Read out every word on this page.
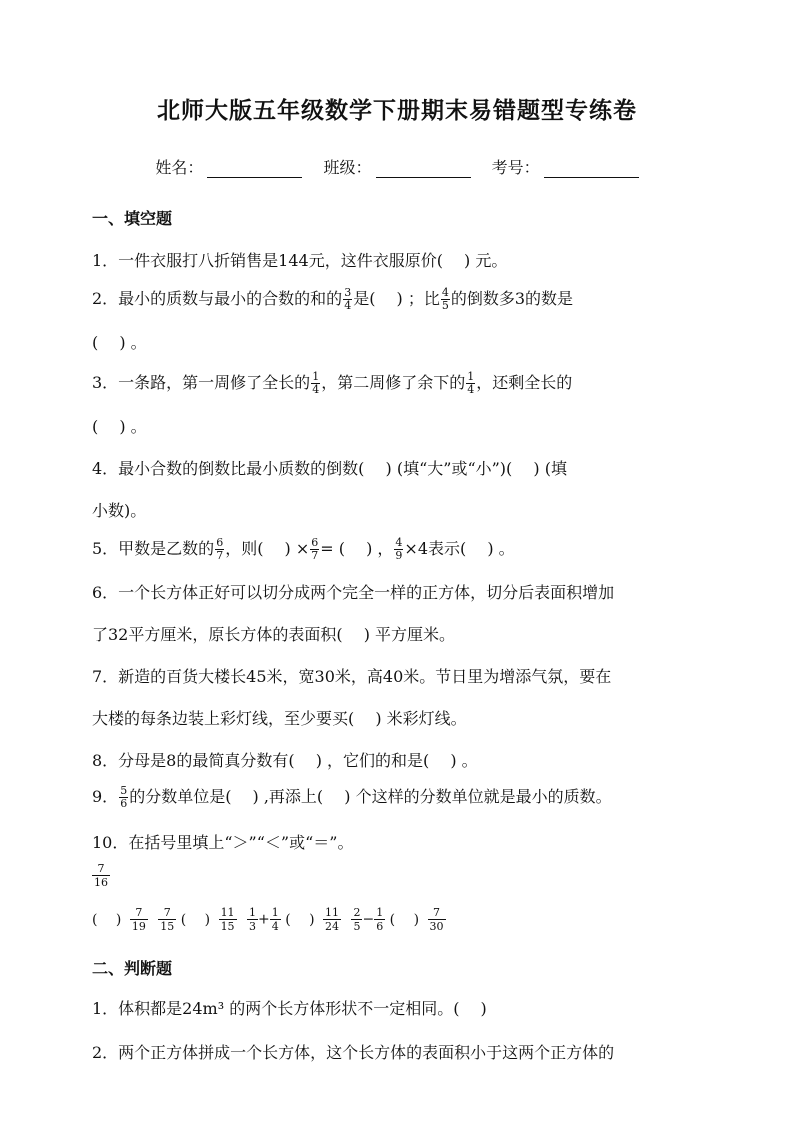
北师大版五年级数学下册期末易错题型专练卷
姓名：	班级：	考号：
一、填空题
1．一件衣服打八折销售是144元，这件衣服原价(　 ) 元。
2．最小的质数与最小的合数的和的 $\frac{3}{4}$ 是(　 ) ；比 $\frac{4}{5}$ 的倒数多3的数是
(　 ) 。
3．一条路，第一周修了全长的 $\frac{1}{4}$ ，第二周修了余下的 $\frac{1}{4}$ ，还剩全长的
(　 ) 。
4．最小合数的倒数比最小质数的倒数(　 ) (填“大”或“小”)(　 ) (填
小数)。
5．甲数是乙数的 $\frac{6}{7}$ ，则(　 ) × $\frac{6}{7}$ = (　 ) ， $\frac{4}{9} \times 4$表示(　 ) 。
6．一个长方体正好可以切分成两个完全一样的正方体，切分后表面积增加
了32平方厘米，原长方体的表面积(　 ) 平方厘米。
7．新造的百货大楼长45米，宽30米，高40米。节日里为增添气氛，要在
大楼的每条边装上彩灯线，至少要买(　 ) 米彩灯线。
8．分母是8的最简真分数有(　 ) ，它们的和是(　 ) 。
9． $\frac{5}{6}$ 的分数单位是(　 ) ,再添上(　 ) 个这样的分数单位就是最小的质数。
10．在括号里填上“＞”“＜”或“＝”。
$\frac{7}{16}$
(　 ) $\frac{7}{19}$
$\frac{7}{15}$ (　 ) $\frac{11}{15}$
$\frac{1}{3} + \frac{1}{4}$ (　 ) $\frac{11}{24}$
$\frac{2}{5} - \frac{1}{6}$ (　 ) $\frac{7}{30}$
二、判断题
1．体积都是24m³ 的两个长方体形状不一定相同。(　 )
2．两个正方体拼成一个长方体，这个长方体的表面积小于这两个正方体的
